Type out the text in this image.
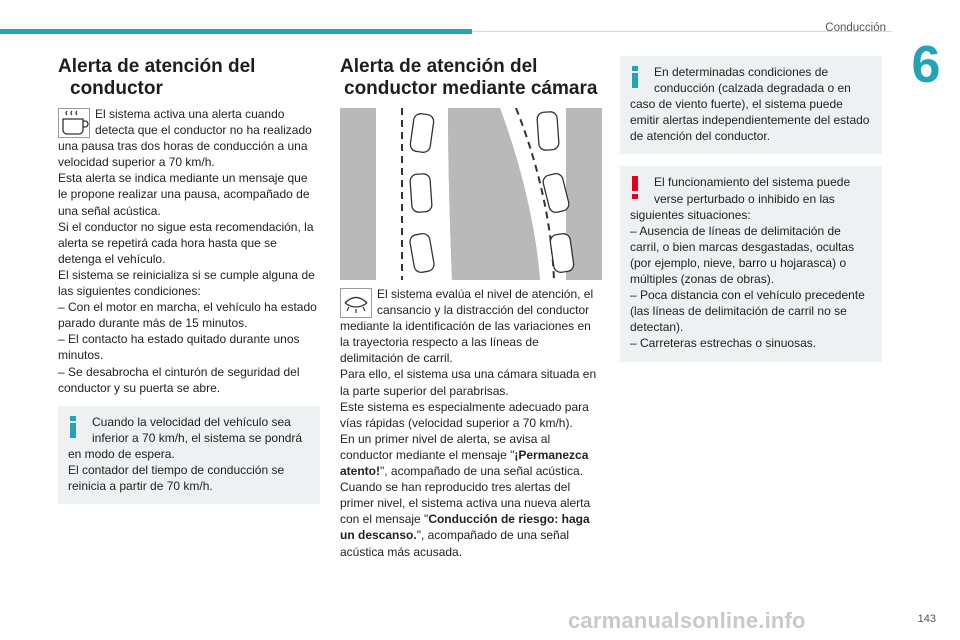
Conducción
6
Alerta de atención del
conductor

El sistema activa una alerta cuando

detecta que el conductor no ha realizado

una pausa tras dos horas de conducción a una velocidad superior a 70 km/h.

Esta alerta se indica mediante un mensaje que le propone realizar una pausa, acompañado de una señal acústica.

Si el conductor no sigue esta recomendación, la alerta se repetirá cada hora hasta que se detenga el vehículo.

El sistema se reinicializa si se cumple alguna de las siguientes condiciones:

– Con el motor en marcha, el vehículo ha estado parado durante más de 15 minutos.

– El contacto ha estado quitado durante unos minutos.

– Se desabrocha el cinturón de seguridad del conductor y su puerta se abre.

Cuando la velocidad del vehículo sea

inferior a 70 km/h, el sistema se pondrá

en modo de espera.

El contador del tiempo de conducción se reinicia a partir de 70 km/h.

Alerta de atención del
conductor mediante cámara

El sistema evalúa el nivel de atención, el

cansancio y la distracción del conductor

mediante la identificación de las variaciones en la trayectoria respecto a las líneas de delimitación de carril.

Para ello, el sistema usa una cámara situada en la parte superior del parabrisas.

Este sistema es especialmente adecuado para vías rápidas (velocidad superior a 70 km/h).

En un primer nivel de alerta, se avisa al conductor mediante el mensaje "¡Permanezca atento!", acompañado de una señal acústica.

Cuando se han reproducido tres alertas del primer nivel, el sistema activa una nueva alerta con el mensaje "Conducción de riesgo: haga un descanso.", acompañado de una señal acústica más acusada.

En determinadas condiciones de

conducción (calzada degradada o en

caso de viento fuerte), el sistema puede emitir alertas independientemente del estado de atención del conductor.

El funcionamiento del sistema puede

verse perturbado o inhibido en las

siguientes situaciones:

– Ausencia de líneas de delimitación de carril, o bien marcas desgastadas, ocultas (por ejemplo, nieve, barro u hojarasca) o múltiples (zonas de obras).

– Poca distancia con el vehículo precedente (las líneas de delimitación de carril no se detectan).

– Carreteras estrechas o sinuosas.

carmanualsonline.info	143
